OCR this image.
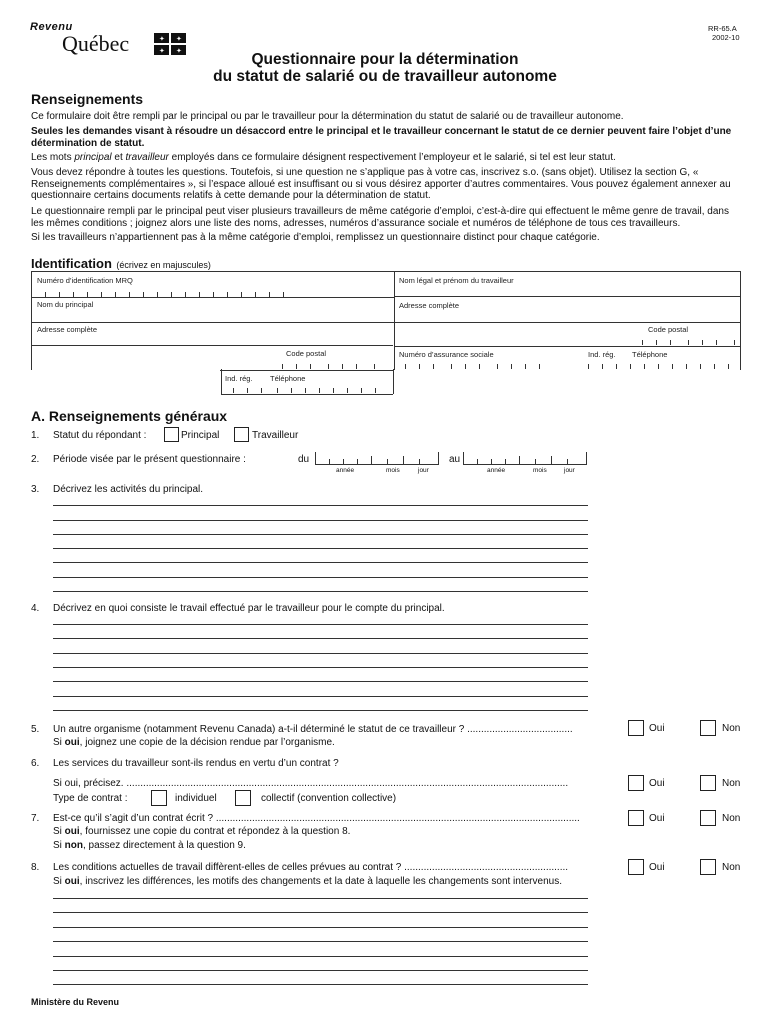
Revenu
Québec	✦ ✦
✦ ✦
RR-65.A
2002-10
Questionnaire pour la détermination
du statut de salarié ou de travailleur autonome
Renseignements
Ce formulaire doit être rempli par le principal ou par le travailleur pour la détermination du statut de salarié ou de travailleur autonome.
Seules les demandes visant à résoudre un désaccord entre le principal et le travailleur concernant le statut de ce dernier peuvent faire l’objet d’une détermination de statut.
Les mots principal et travailleur employés dans ce formulaire désignent respectivement l’employeur et le salarié, si tel est leur statut.
Vous devez répondre à toutes les questions. Toutefois, si une question ne s’applique pas à votre cas, inscrivez s.o. (sans objet). Utilisez la section G, « Renseignements complémentaires », si l’espace alloué est insuffisant ou si vous désirez apporter d’autres commentaires. Vous pouvez également annexer au questionnaire certains documents relatifs à cette demande pour la détermination de statut.
Le questionnaire rempli par le principal peut viser plusieurs travailleurs de même catégorie d’emploi, c’est-à-dire qui effectuent le même genre de travail, dans les mêmes conditions ; joignez alors une liste des noms, adresses, numéros d’assurance sociale et numéros de téléphone de tous ces travailleurs.
Si les travailleurs n’appartiennent pas à la même catégorie d’emploi, remplissez un questionnaire distinct pour chaque catégorie.
Identification (écrivez en majuscules)
Numéro d’identification MRQ
Nom du principal
Adresse complète
Code postal
Ind. rég. Téléphone
Nom légal et prénom du travailleur
Adresse complète
Code postal
Numéro d’assurance sociale	Ind. rég. Téléphone
A. Renseignements généraux
1. Statut du répondant :	Principal	Travailleur
2. Période visée par le présent questionnaire :	du
année	mois	jour
au
année	mois	jour
3. Décrivez les activités du principal.
4. Décrivez en quoi consiste le travail effectué par le travailleur pour le compte du principal.
5. Un autre organisme (notamment Revenu Canada) a-t-il déterminé le statut de ce travailleur ? ......................................
Si oui, joignez une copie de la décision rendue par l’organisme.
Oui	Non
6. Les services du travailleur sont-ils rendus en vertu d’un contrat ?
Si oui, précisez. ...............................................................................................................................................................	Oui	Non
Type de contrat :	individuel	collectif (convention collective)
7. Est-ce qu’il s’agit d’un contrat écrit ? ...................................................................................................................................
Si oui, fournissez une copie du contrat et répondez à la question 8.
Si non, passez directement à la question 9.
Oui	Non
8. Les conditions actuelles de travail diffèrent-elles de celles prévues au contrat ? ...........................................................
Si oui, inscrivez les différences, les motifs des changements et la date à laquelle les changements sont intervenus.
Oui	Non
Ministère du Revenu
